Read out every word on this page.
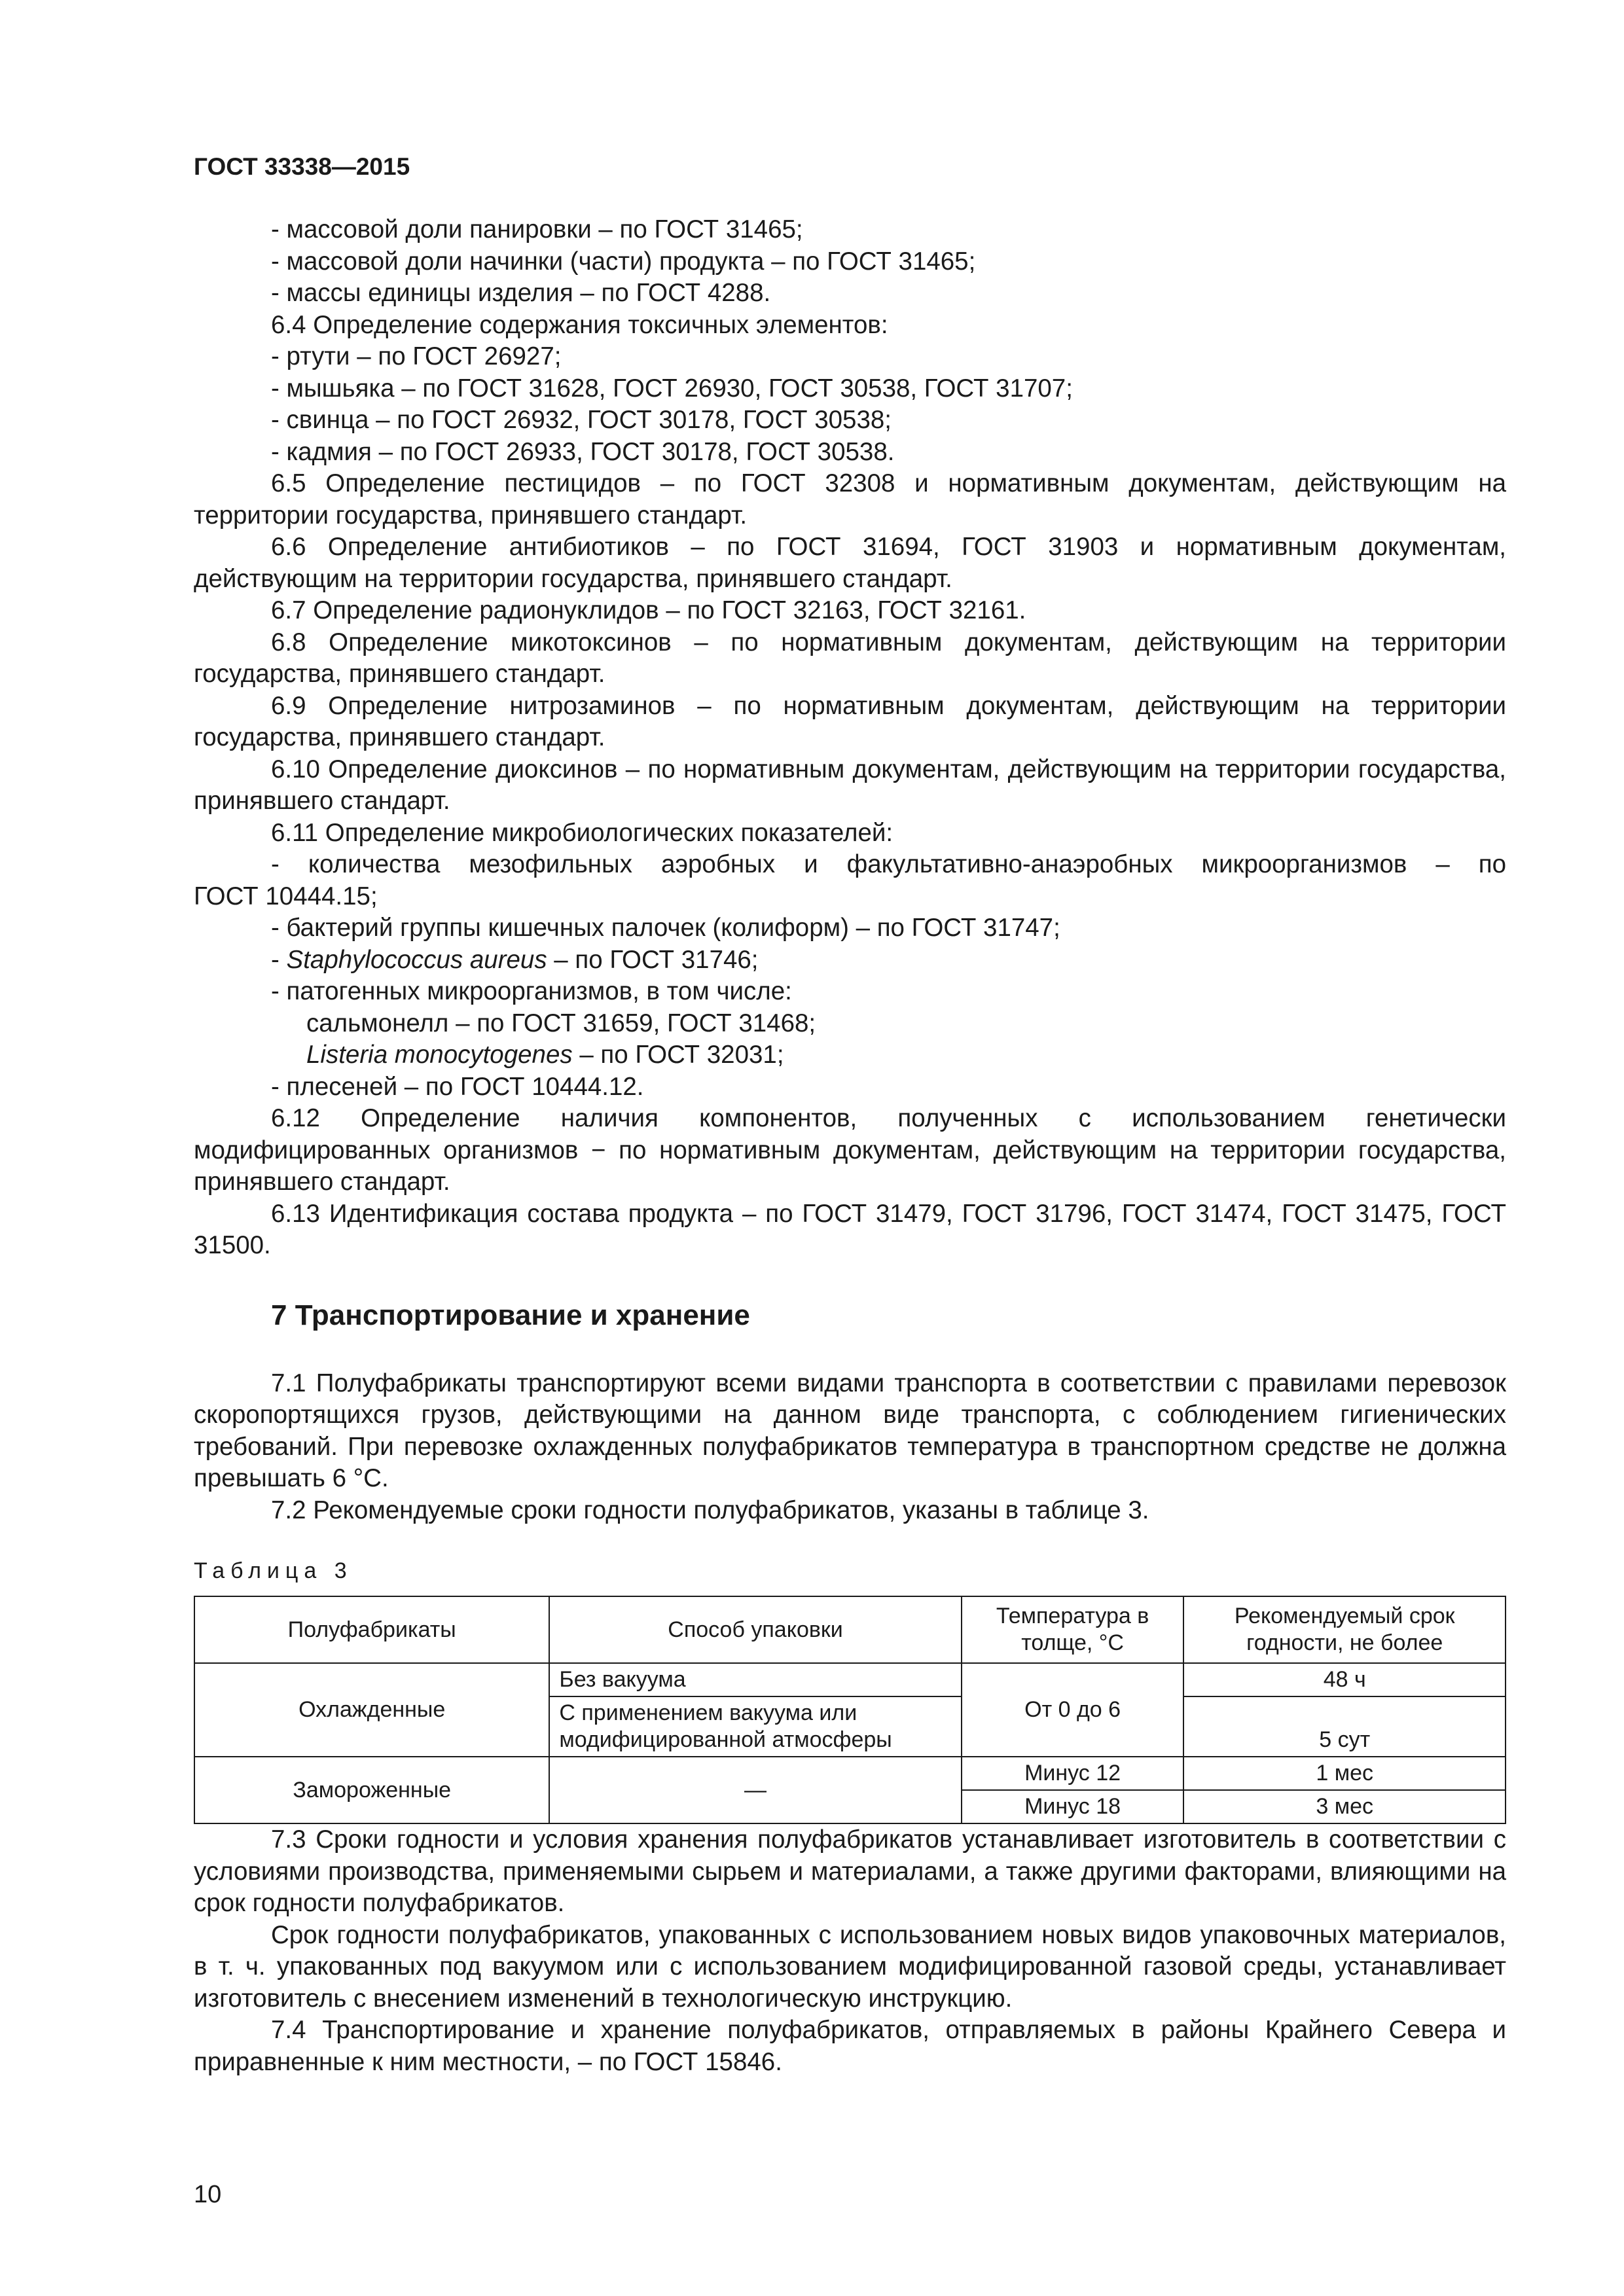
ГОСТ 33338—2015

- массовой доли панировки – по ГОСТ 31465;

- массовой доли начинки (части) продукта – по ГОСТ 31465;

- массы единицы изделия – по ГОСТ 4288.

6.4 Определение содержания токсичных элементов:

- ртути – по ГОСТ 26927;

- мышьяка – по ГОСТ 31628, ГОСТ 26930, ГОСТ 30538, ГОСТ 31707;

- свинца – по ГОСТ 26932, ГОСТ 30178, ГОСТ 30538;

- кадмия – по ГОСТ 26933, ГОСТ 30178, ГОСТ 30538.

6.5 Определение пестицидов – по ГОСТ 32308 и нормативным документам, действующим на территории государства, принявшего стандарт.

6.6 Определение антибиотиков – по ГОСТ 31694, ГОСТ 31903 и нормативным документам, действующим на территории государства, принявшего стандарт.

6.7 Определение радионуклидов – по ГОСТ 32163, ГОСТ 32161.

6.8 Определение микотоксинов – по нормативным документам, действующим на территории государства, принявшего стандарт.

6.9 Определение нитрозаминов – по нормативным документам, действующим на территории государства, принявшего стандарт.

6.10 Определение диоксинов – по нормативным документам, действующим на территории государства, принявшего стандарт.

6.11 Определение микробиологических показателей:

- количества мезофильных аэробных и факультативно-анаэробных микроорганизмов – по

ГОСТ 10444.15;

- бактерий группы кишечных палочек (колиформ) – по ГОСТ 31747;

- Staphylococcus aureus – по ГОСТ 31746;

- патогенных микроорганизмов, в том числе:

сальмонелл – по ГОСТ 31659, ГОСТ 31468;

Listeria monocytogenes – по ГОСТ 32031;

- плесеней – по ГОСТ 10444.12.

6.12 Определение наличия компонентов, полученных с использованием генетически модифицированных организмов − по нормативным документам, действующим на территории государства, принявшего стандарт.

6.13 Идентификация состава продукта – по ГОСТ 31479, ГОСТ 31796, ГОСТ 31474, ГОСТ 31475, ГОСТ 31500.

7 Транспортирование и хранение

7.1 Полуфабрикаты транспортируют всеми видами транспорта в соответствии с правилами перевозок скоропортящихся грузов, действующими на данном виде транспорта, с соблюдением гигиенических требований. При перевозке охлажденных полуфабрикатов температура в транспортном средстве не должна превышать 6 °С.

7.2 Рекомендуемые сроки годности полуфабрикатов, указаны в таблице 3.

Таблица 3
Полуфабрикаты	Способ упаковки	Температура в толще, °С	Рекомендуемый срок годности, не более
Охлажденные	Без вакуума	От 0 до 6	48 ч
	С применением вакуума или модифицированной атмосферы		5 сут
Замороженные	—	Минус 12	1 мес
		Минус 18	3 мес

7.3 Сроки годности и условия хранения полуфабрикатов устанавливает изготовитель в соответствии с условиями производства, применяемыми сырьем и материалами, а также другими факторами, влияющими на срок годности полуфабрикатов.

Срок годности полуфабрикатов, упакованных с использованием новых видов упаковочных материалов, в т. ч. упакованных под вакуумом или с использованием модифицированной газовой среды, устанавливает изготовитель с внесением изменений в технологическую инструкцию.

7.4 Транспортирование и хранение полуфабрикатов, отправляемых в районы Крайнего Севера и приравненные к ним местности, – по ГОСТ 15846.

10
